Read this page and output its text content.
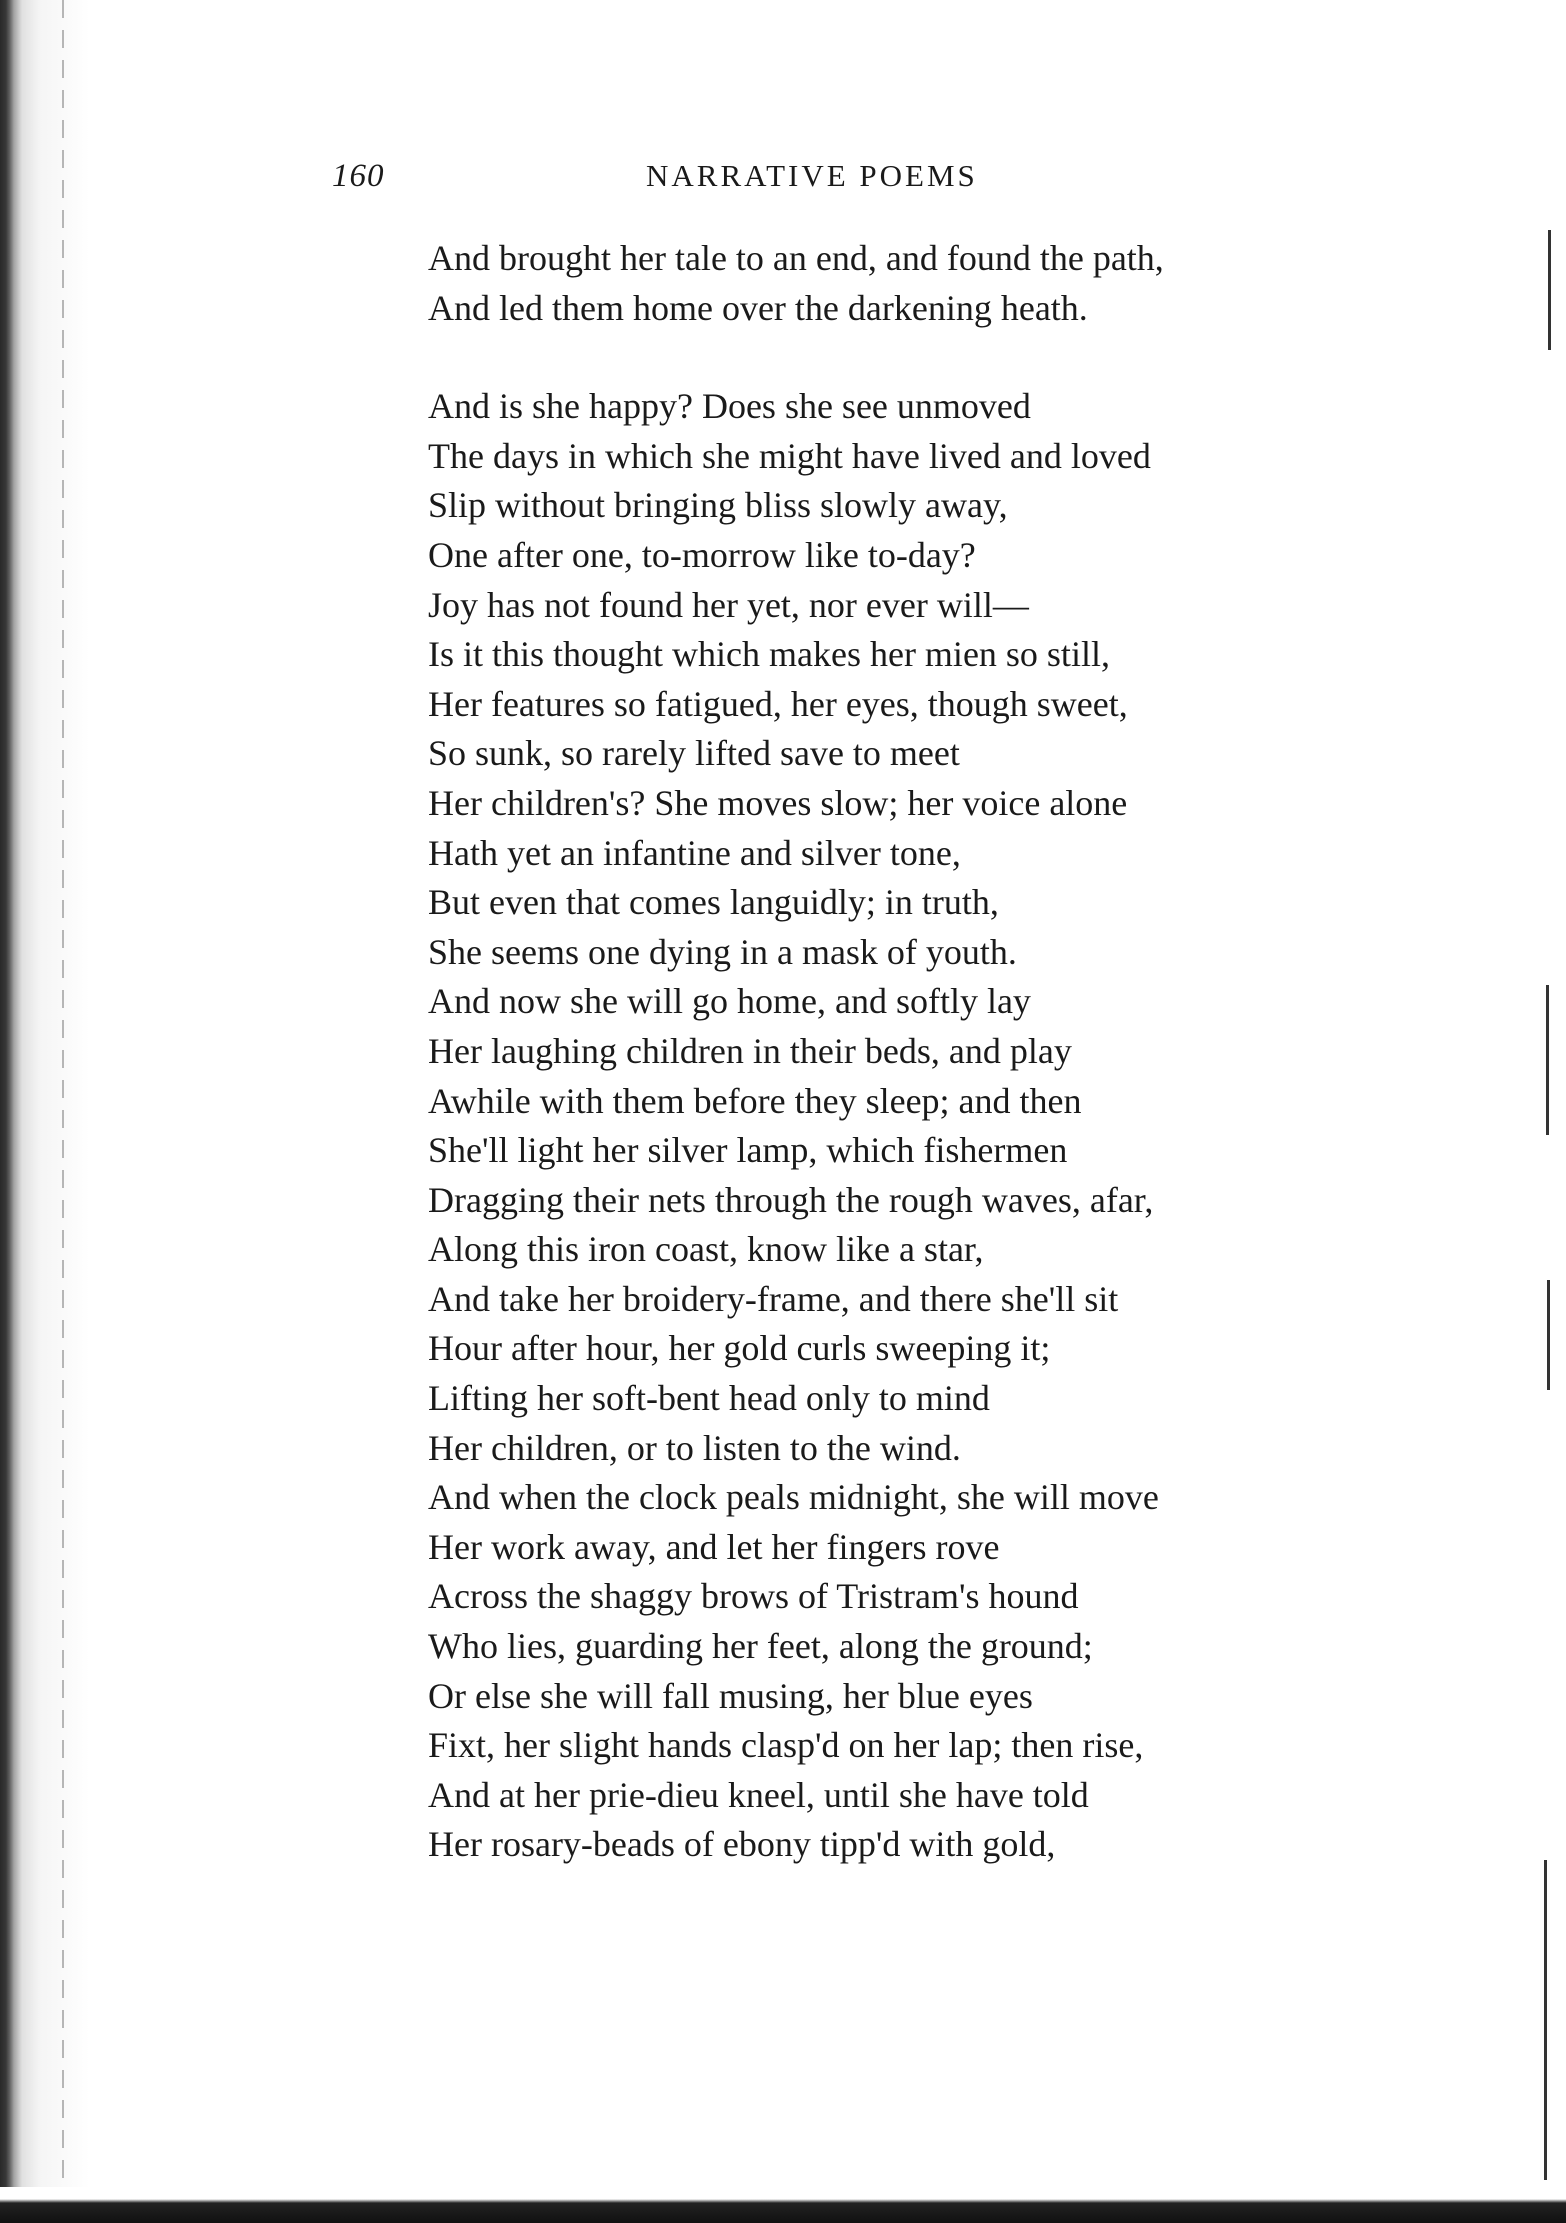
160	NARRATIVE POEMS
And brought her tale to an end, and found the path,
And led them home over the darkening heath.
And is she happy? Does she see unmoved
The days in which she might have lived and loved
Slip without bringing bliss slowly away,
One after one, to-morrow like to-day?
Joy has not found her yet, nor ever will—
Is it this thought which makes her mien so still,
Her features so fatigued, her eyes, though sweet,
So sunk, so rarely lifted save to meet
Her children's? She moves slow; her voice alone
Hath yet an infantine and silver tone,
But even that comes languidly; in truth,
She seems one dying in a mask of youth.
And now she will go home, and softly lay
Her laughing children in their beds, and play
Awhile with them before they sleep; and then
She'll light her silver lamp, which fishermen
Dragging their nets through the rough waves, afar,
Along this iron coast, know like a star,
And take her broidery-frame, and there she'll sit
Hour after hour, her gold curls sweeping it;
Lifting her soft-bent head only to mind
Her children, or to listen to the wind.
And when the clock peals midnight, she will move
Her work away, and let her fingers rove
Across the shaggy brows of Tristram's hound
Who lies, guarding her feet, along the ground;
Or else she will fall musing, her blue eyes
Fixt, her slight hands clasp'd on her lap; then rise,
And at her prie-dieu kneel, until she have told
Her rosary-beads of ebony tipp'd with gold,
